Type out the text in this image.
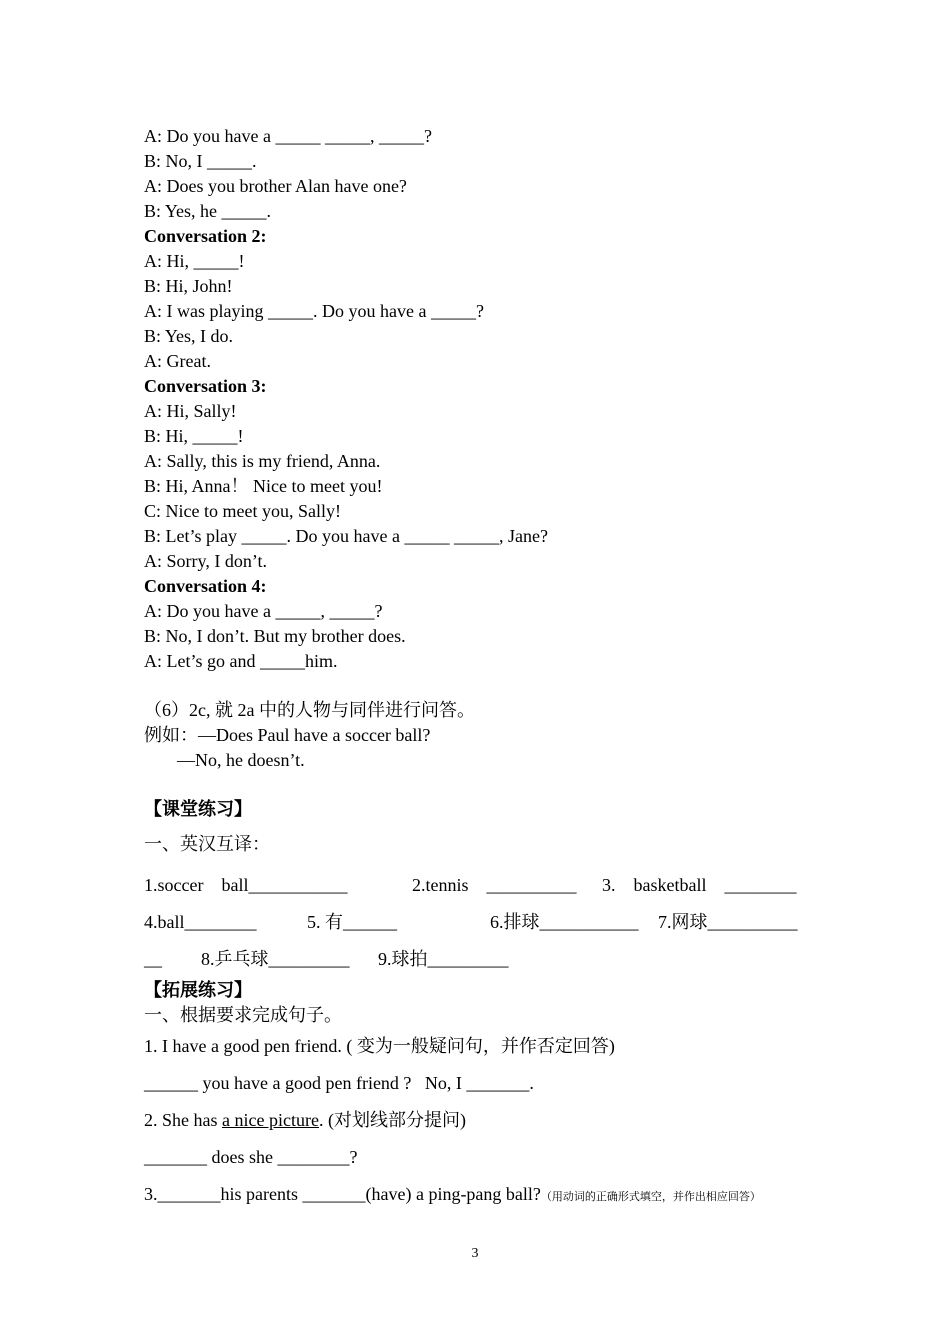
A: Do you have a _____ _____, _____?
B: No, I _____.
A: Does you brother Alan have one?
B: Yes, he _____.
Conversation 2:
A: Hi, _____!
B: Hi, John!
A: I was playing _____. Do you have a _____?
B: Yes, I do.
A: Great.
Conversation 3:
A: Hi, Sally!
B: Hi, _____!
A: Sally, this is my friend, Anna.
B: Hi, Anna！ Nice to meet you!
C: Nice to meet you, Sally!
B: Let’s play _____. Do you have a _____ _____, Jane?
A: Sorry, I don’t.
Conversation 4:
A: Do you have a _____, _____?
B: No, I don’t. But my brother does.
A: Let’s go and _____him.
（6）2c, 就 2a 中的人物与同伴进行问答。
例如：—Does Paul have a soccer ball?
—No, he doesn’t.
【课堂练习】
一、英汉互译：

1.soccer    ball___________

	2.tennis    __________

3.    basketball    ________

4.ball________

	5. 有______

	6.排球___________

7.网球__________

__

8.乒乓球_________

9.球拍_________

【拓展练习】
一、根据要求完成句子。
1. I have a good pen friend. ( 变为一般疑问句，并作否定回答)
______ you have a good pen friend ?   No, I _______.
2. She has a nice picture. (对划线部分提问)
_______ does she ________?
3._______his parents _______(have) a ping-pang ball?（用动词的正确形式填空，并作出相应回答）
3
